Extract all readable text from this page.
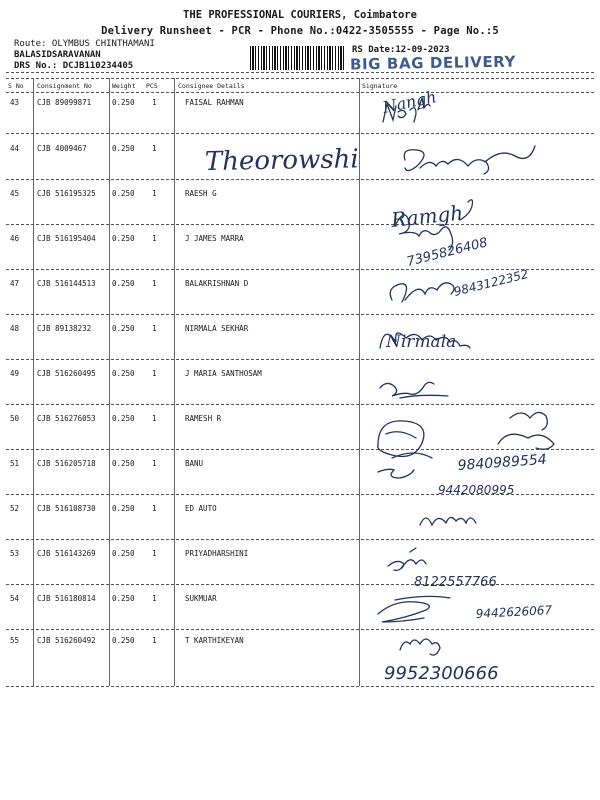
THE PROFESSIONAL COURIERS, Coimbatore
Delivery Runsheet - PCR - Phone No.:0422-3505555 - Page No.:5
Route: OLYMBUS CHINTHAMANI
BALASIDSARAVANAN
DRS No.: DCJB110234405
RS Date:12-09-2023
BIG BAG DELIVERY
S No Consignment No	Weight PCS	Consignee Details	Signature
43 CJB 89099871	0.250 1	FAISAL RAHMAN
44 CJB 4009467	0.250 1
45 CJB 516195325 0.250 1	RAESH G
46 CJB 516195404 0.250 1	J JAMES MARRA
47 CJB 516144513 0.250 1	BALAKRISHNAN D
48 CJB 89138232	0.250 1	NIRMALA SEKHAR
49 CJB 516260495 0.250 1	J MARIA SANTHOSAM
50 CJB 516276053 0.250 1	RAMESH R
51 CJB 516205718 0.250 1	BANU
52 CJB 516108730 0.250 1	ED AUTO
53 CJB 516143269 0.250 1	PRIYADHARSHINI
54 CJB 516180814 0.250 1	SUKMUAR
55 CJB 516260492 0.250 1	T KARTHIKEYAN
Theorowshi
Nangh
Ramgh
Nirmala
7395826408
9843122352
9840989554
9442080995
8122557766
9442626067
9952300666
